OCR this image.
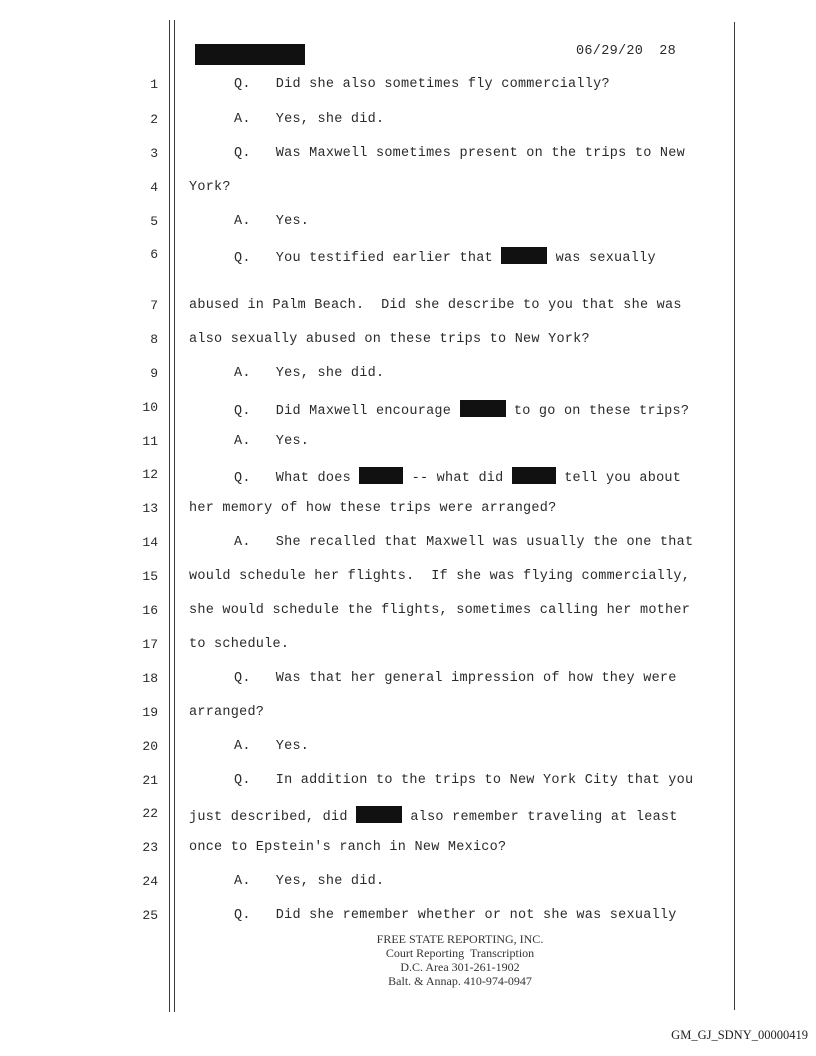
06/29/20 28
1	Q.   Did she also sometimes fly commercially?
2	A.   Yes, she did.
3	Q.   Was Maxwell sometimes present on the trips to New
4 York?
5	A.   Yes.
6	Q.   You testified earlier that	was sexually
7 abused in Palm Beach.  Did she describe to you that she was
8 also sexually abused on these trips to New York?
9	A.   Yes, she did.
10	Q.   Did Maxwell encourage	to go on these trips?
11	A.   Yes.
12	Q.   What does	-- what did	tell you about
13 her memory of how these trips were arranged?
14	A.   She recalled that Maxwell was usually the one that
15 would schedule her flights.  If she was flying commercially,
16 she would schedule the flights, sometimes calling her mother
17 to schedule.
18	Q.   Was that her general impression of how they were
19 arranged?
20	A.   Yes.
21	Q.   In addition to the trips to New York City that you
22 just described, did	also remember traveling at least
23 once to Epstein's ranch in New Mexico?
24	A.   Yes, she did.
25	Q.   Did she remember whether or not she was sexually
FREE STATE REPORTING, INC.
Court Reporting  Transcription
D.C. Area 301-261-1902
Balt. & Annap. 410-974-0947
GM_GJ_SDNY_00000419
